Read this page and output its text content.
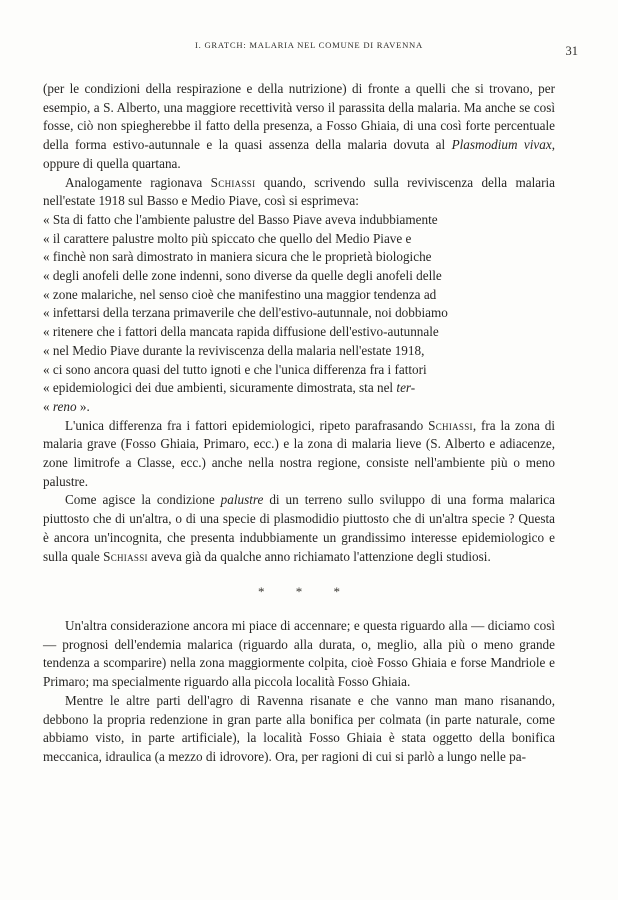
I. GRATCH: MALARIA NEL COMUNE DI RAVENNA	31

(per le condizioni della respirazione e della nutrizione) di fronte a quelli che si trovano, per esempio, a S. Alberto, una maggiore recettività verso il parassita della malaria. Ma anche se così fosse, ciò non spiegherebbe il fatto della presenza, a Fosso Ghiaia, di una così forte percentuale della forma estivo-autunnale e la quasi assenza della malaria dovuta al Plasmodium vivax, oppure di quella quartana.

Analogamente ragionava Schiassi quando, scrivendo sulla reviviscenza della malaria nell'estate 1918 sul Basso e Medio Piave, così si esprimeva:

« Sta di fatto che l'ambiente palustre del Basso Piave aveva indubbiamente

« il carattere palustre molto più spiccato che quello del Medio Piave e

« finchè non sarà dimostrato in maniera sicura che le proprietà biologiche

« degli anofeli delle zone indenni, sono diverse da quelle degli anofeli delle

« zone malariche, nel senso cioè che manifestino una maggior tendenza ad

« infettarsi della terzana primaverile che dell'estivo-autunnale, noi dobbiamo

« ritenere che i fattori della mancata rapida diffusione dell'estivo-autunnale

« nel Medio Piave durante la reviviscenza della malaria nell'estate 1918,

« ci sono ancora quasi del tutto ignoti e che l'unica differenza fra i fattori

« epidemiologici dei due ambienti, sicuramente dimostrata, sta nel ter-

« reno ».

L'unica differenza fra i fattori epidemiologici, ripeto parafrasando Schiassi, fra la zona di malaria grave (Fosso Ghiaia, Primaro, ecc.) e la zona di malaria lieve (S. Alberto e adiacenze, zone limitrofe a Classe, ecc.) anche nella nostra regione, consiste nell'ambiente più o meno palustre.

Come agisce la condizione palustre di un terreno sullo sviluppo di una forma malarica piuttosto che di un'altra, o di una specie di plasmodidio piuttosto che di un'altra specie ? Questa è ancora un'incognita, che presenta indubbiamente un grandissimo interesse epidemiologico e sulla quale Schiassi aveva già da qualche anno richiamato l'attenzione degli studiosi.

* * *

Un'altra considerazione ancora mi piace di accennare; e questa riguardo alla — diciamo così — prognosi dell'endemia malarica (riguardo alla durata, o, meglio, alla più o meno grande tendenza a scomparire) nella zona maggiormente colpita, cioè Fosso Ghiaia e forse Mandriole e Primaro; ma specialmente riguardo alla piccola località Fosso Ghiaia.

Mentre le altre parti dell'agro di Ravenna risanate e che vanno man mano risanando, debbono la propria redenzione in gran parte alla bonifica per colmata (in parte naturale, come abbiamo visto, in parte artificiale), la località Fosso Ghiaia è stata oggetto della bonifica meccanica, idraulica (a mezzo di idrovore). Ora, per ragioni di cui si parlò a lungo nelle pa-
